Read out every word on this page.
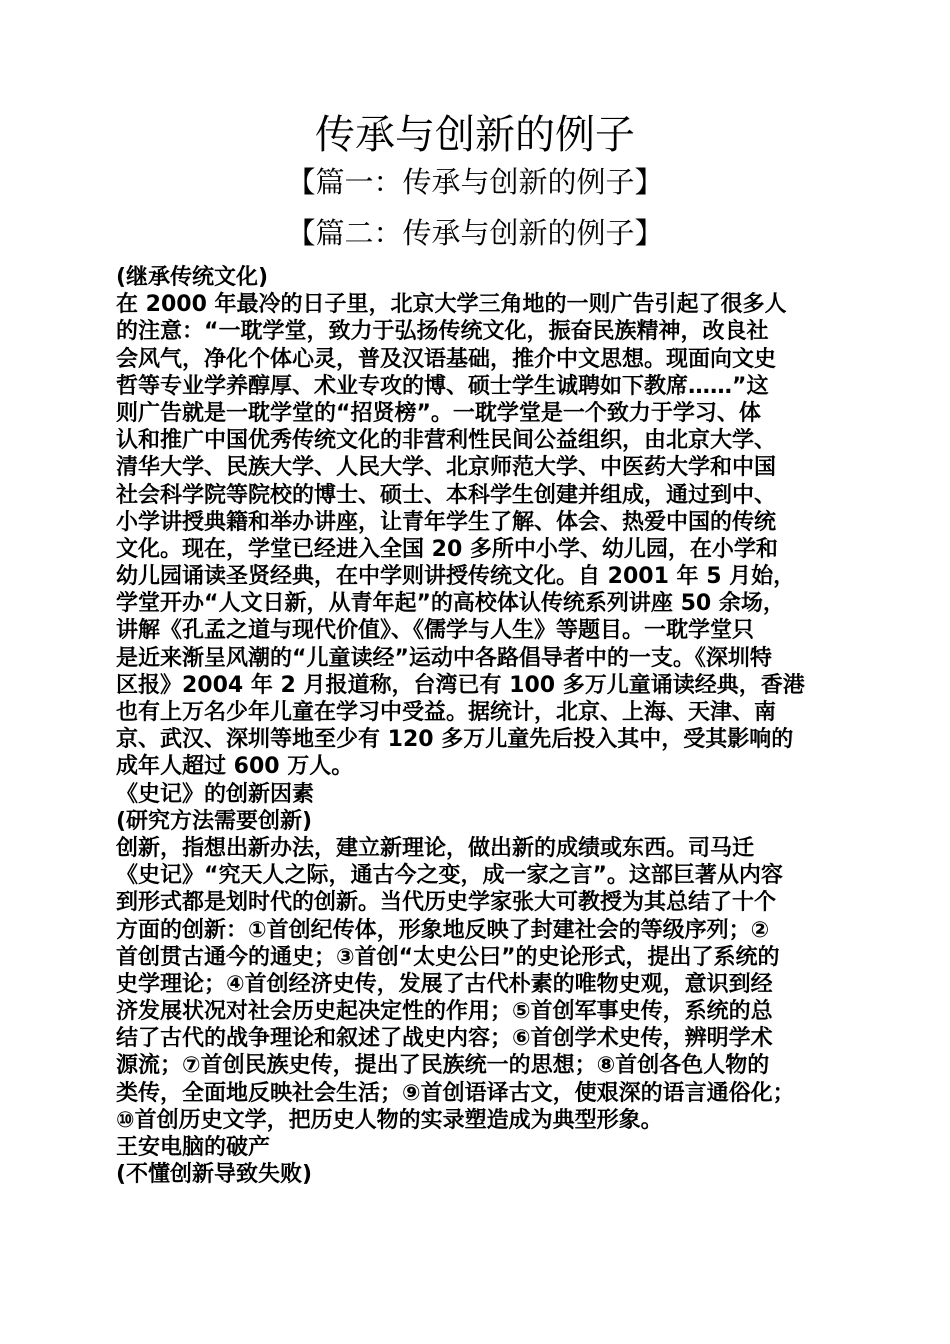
传承与创新的例子
【篇一：传承与创新的例子】
【篇二：传承与创新的例子】
(继承传统文化)
在 2000 年最冷的日子里，北京大学三角地的一则广告引起了很多人
的注意：“一耽学堂，致力于弘扬传统文化，振奋民族精神，改良社
会风气，净化个体心灵，普及汉语基础，推介中文思想。现面向文史
哲等专业学养醇厚、术业专攻的博、硕士学生诚聘如下教席……”这
则广告就是一耽学堂的“招贤榜”。一耽学堂是一个致力于学习、体
认和推广中国优秀传统文化的非营利性民间公益组织，由北京大学、
清华大学、民族大学、人民大学、北京师范大学、中医药大学和中国
社会科学院等院校的博士、硕士、本科学生创建并组成，通过到中、
小学讲授典籍和举办讲座，让青年学生了解、体会、热爱中国的传统
文化。现在，学堂已经进入全国 20 多所中小学、幼儿园，在小学和
幼儿园诵读圣贤经典，在中学则讲授传统文化。自 2001 年 5 月始，
学堂开办“人文日新，从青年起”的高校体认传统系列讲座 50 余场，
讲解《孔孟之道与现代价值》、《儒学与人生》等题目。一耽学堂只
是近来渐呈风潮的“儿童读经”运动中各路倡导者中的一支。《深圳特
区报》2004 年 2 月报道称，台湾已有 100 多万儿童诵读经典，香港
也有上万名少年儿童在学习中受益。据统计，北京、上海、天津、南
京、武汉、深圳等地至少有 120 多万儿童先后投入其中，受其影响的
成年人超过 600 万人。
《史记》的创新因素
(研究方法需要创新)
创新，指想出新办法，建立新理论，做出新的成绩或东西。司马迁
《史记》“究天人之际，通古今之变，成一家之言”。这部巨著从内容
到形式都是划时代的创新。当代历史学家张大可教授为其总结了十个
方面的创新：①首创纪传体，形象地反映了封建社会的等级序列；②
首创贯古通今的通史；③首创“太史公曰”的史论形式，提出了系统的
史学理论；④首创经济史传，发展了古代朴素的唯物史观，意识到经
济发展状况对社会历史起决定性的作用；⑤首创军事史传，系统的总
结了古代的战争理论和叙述了战史内容；⑥首创学术史传，辨明学术
源流；⑦首创民族史传，提出了民族统一的思想；⑧首创各色人物的
类传，全面地反映社会生活；⑨首创语译古文，使艰深的语言通俗化；
⑩首创历史文学，把历史人物的实录塑造成为典型形象。
王安电脑的破产
(不懂创新导致失败)
